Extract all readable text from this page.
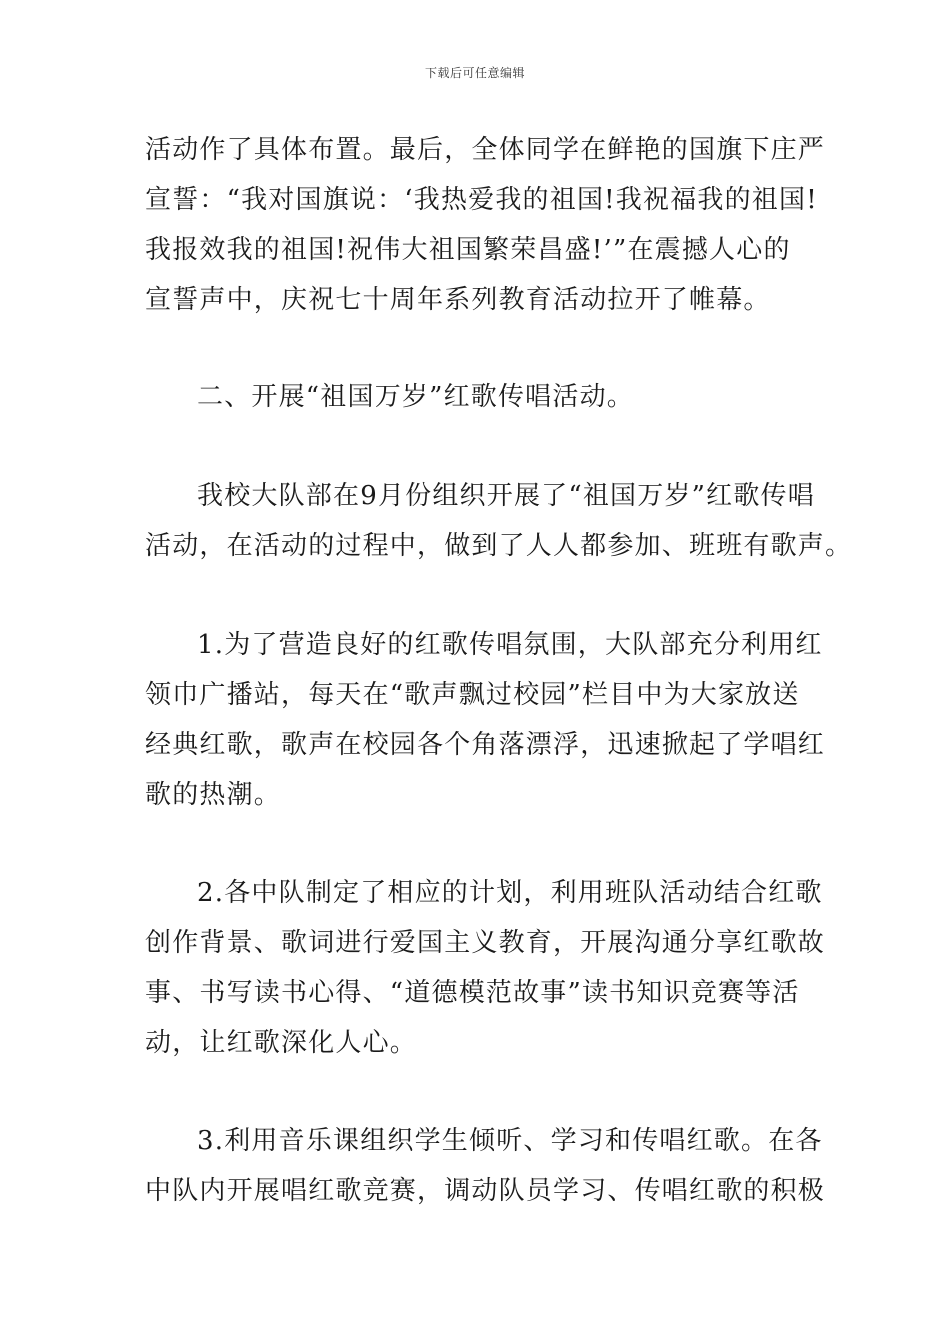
下载后可任意编辑
活动作了具体布置。最后，全体同学在鲜艳的国旗下庄严
宣誓：“我对国旗说：‘我热爱我的祖国!我祝福我的祖国!
我报效我的祖国!祝伟大祖国繁荣昌盛!’”在震撼人心的
宣誓声中，庆祝七十周年系列教育活动拉开了帷幕。
二、开展“祖国万岁”红歌传唱活动。
我校大队部在9月份组织开展了“祖国万岁”红歌传唱
活动，在活动的过程中，做到了人人都参加、班班有歌声。
1.为了营造良好的红歌传唱氛围，大队部充分利用红
领巾广播站，每天在“歌声飘过校园”栏目中为大家放送
经典红歌，歌声在校园各个角落漂浮，迅速掀起了学唱红
歌的热潮。
2.各中队制定了相应的计划，利用班队活动结合红歌
创作背景、歌词进行爱国主义教育，开展沟通分享红歌故
事、书写读书心得、“道德模范故事”读书知识竞赛等活
动，让红歌深化人心。
3.利用音乐课组织学生倾听、学习和传唱红歌。在各
中队内开展唱红歌竞赛，调动队员学习、传唱红歌的积极
